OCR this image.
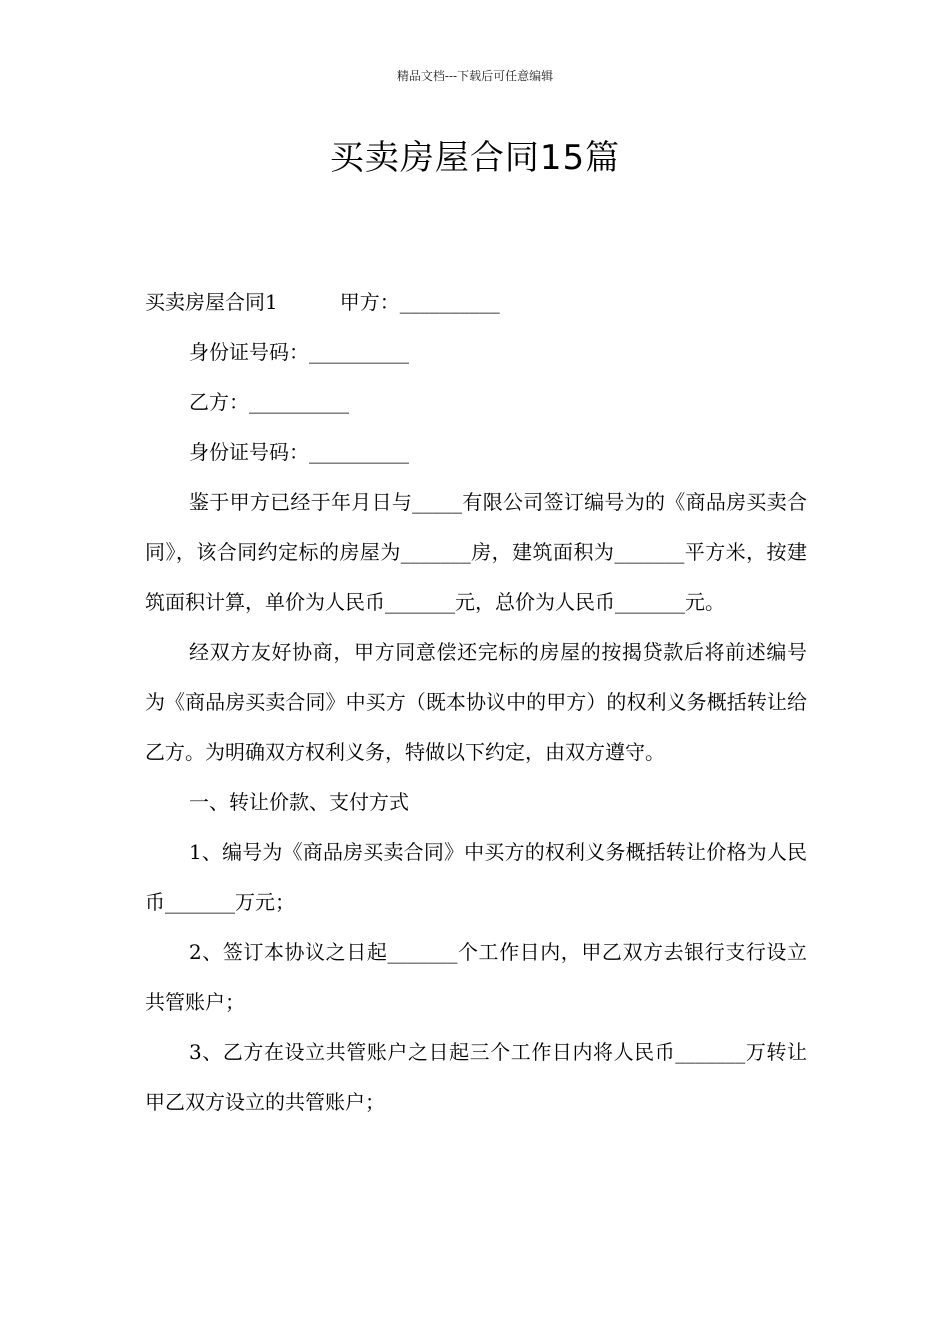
精品文档---下载后可任意编辑
买卖房屋合同15篇

买卖房屋合同1	甲方：__________

身份证号码：__________

乙方：__________

身份证号码：__________

鉴于甲方已经于年月日与_____有限公司签订编号为的《商品房买卖合同》，该合同约定标的房屋为_______房，建筑面积为_______平方米，按建筑面积计算，单价为人民币_______元，总价为人民币_______元。

经双方友好协商，甲方同意偿还完标的房屋的按揭贷款后将前述编号为《商品房买卖合同》中买方（既本协议中的甲方）的权利义务概括转让给乙方。为明确双方权利义务，特做以下约定，由双方遵守。

一、转让价款、支付方式

1、编号为《商品房买卖合同》中买方的权利义务概括转让价格为人民币_______万元；

2、签订本协议之日起_______个工作日内，甲乙双方去银行支行设立共管账户；

3、乙方在设立共管账户之日起三个工作日内将人民币_______万转让甲乙双方设立的共管账户；
